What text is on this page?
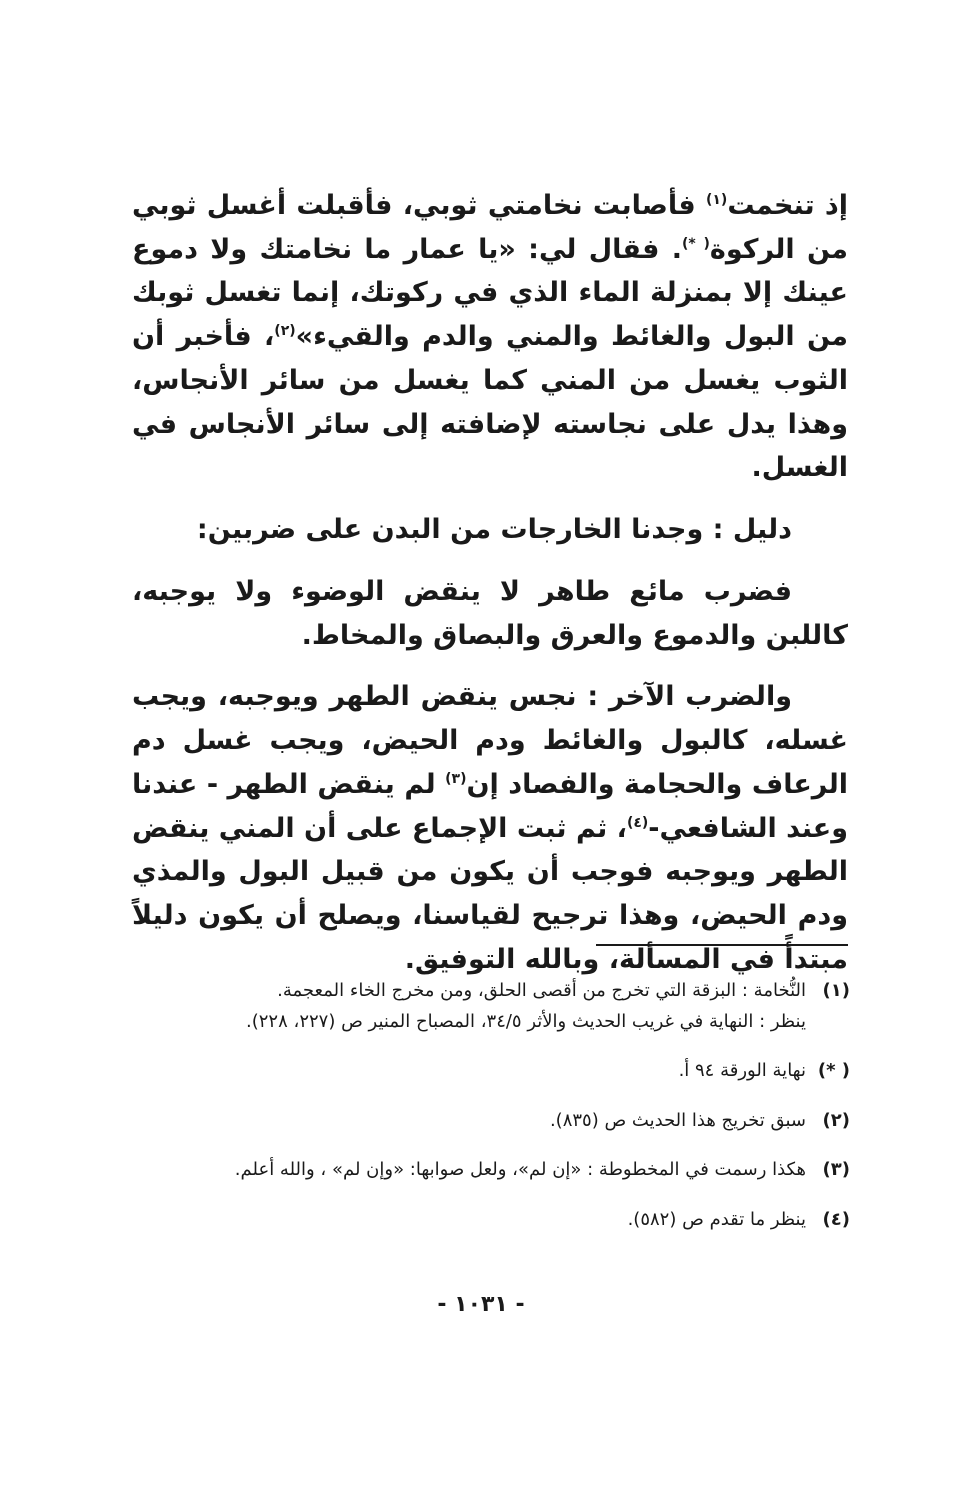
إذ تنخمت$^{(١)}$ فأصابت نخامتي ثوبي، فأقبلت أغسل ثوبي من الركوة( *). فقال لي: «يا عمار ما نخامتك ولا دموع عينك إلا بمنزلة الماء الذي في ركوتك، إنما تغسل ثوبك من البول والغائط والمني والدم والقيء»$^{(٢)}$، فأخبر أن الثوب يغسل من المني كما يغسل من سائر الأنجاس، وهذا يدل على نجاسته لإضافته إلى سائر الأنجاس في الغسل.

دليل : وجدنا الخارجات من البدن على ضربين:

فضرب مائع طاهر لا ينقض الوضوء ولا يوجبه، كاللبن والدموع والعرق والبصاق والمخاط.

والضرب الآخر : نجس ينقض الطهر ويوجبه، ويجب غسله، كالبول والغائط ودم الحيض، ويجب غسل دم الرعاف والحجامة والفصاد إن$^{(٣)}$ لم ينقض الطهر - عندنا وعند الشافعي-$^{(٤)}$، ثم ثبت الإجماع على أن المني ينقض الطهر ويوجبه فوجب أن يكون من قبيل البول والمذي ودم الحيض، وهذا ترجيح لقياسنا، ويصلح أن يكون دليلاً مبتدأً في المسألة، وبالله التوفيق.

(١)
النُّخامة : البزقة التي تخرج من أقصى الحلق، ومن مخرج الخاء المعجمة.
ينظر : النهاية في غريب الحديث والأثر ٣٤/٥، المصباح المنير ص (٢٢٧، ٢٢٨).
( *)
نهاية الورقة ٩٤ أ.
(٢)
سبق تخريج هذا الحديث ص (٨٣٥).
(٣)
هكذا رسمت في المخطوطة : «إن لم»، ولعل صوابها: «وإن لم» ، والله أعلم.
(٤)
ينظر ما تقدم ص (٥٨٢).
- ١٠٣١ -
